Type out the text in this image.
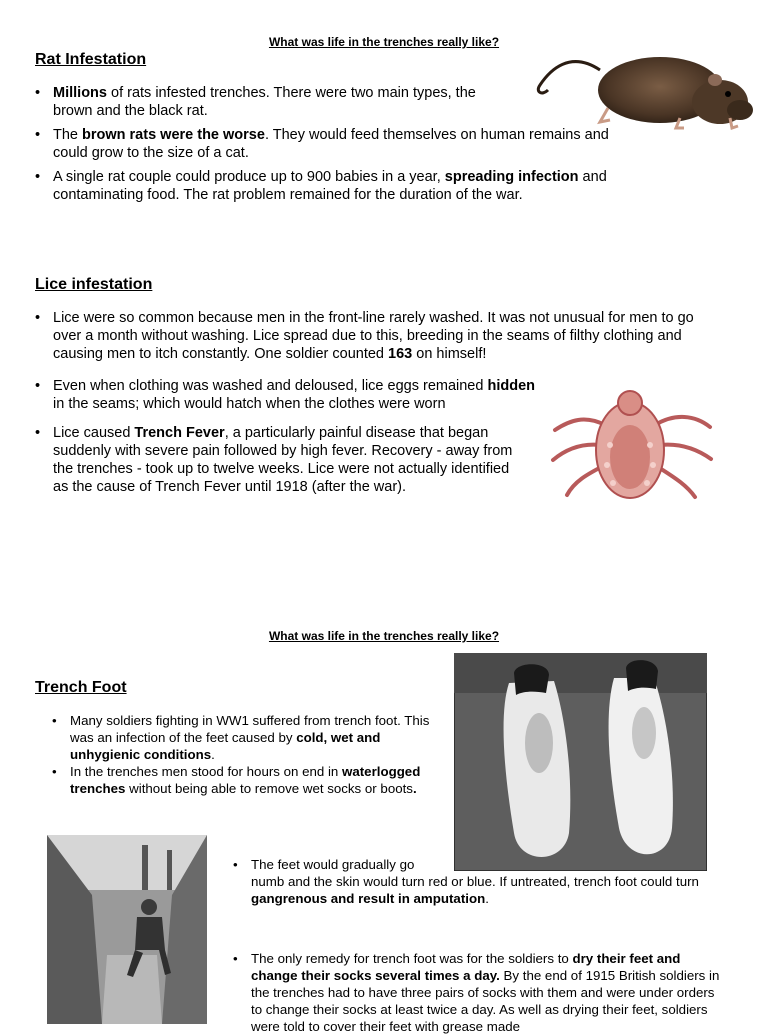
What was life in the trenches really like?
Rat Infestation
• Millions of rats infested trenches. There were two main types, the brown and the black rat.
• The brown rats were the worse. They would feed themselves on human remains and could grow to the size of a cat.
• A single rat couple could produce up to 900 babies in a year, spreading infection and contaminating food. The rat problem remained for the duration of the war.
Lice infestation
• Lice were so common because men in the front-line rarely washed. It was not unusual for men to go over a month without washing. Lice spread due to this, breeding in the seams of filthy clothing and causing men to itch constantly. One soldier counted 163 on himself!
• Even when clothing was washed and deloused, lice eggs remained hidden in the seams; which would hatch when the clothes were worn
• Lice caused Trench Fever, a particularly painful disease that began suddenly with severe pain followed by high fever. Recovery - away from the trenches - took up to twelve weeks. Lice were not actually identified as the cause of Trench Fever until 1918 (after the war).
What was life in the trenches really like?
Trench Foot
• Many soldiers fighting in WW1 suffered from trench foot. This was an infection of the feet caused by cold, wet and unhygienic conditions.
• In the trenches men stood for hours on end in waterlogged trenches without being able to remove wet socks or boots.
• The feet would gradually go
numb and the skin would turn red or blue. If untreated, trench foot could turn gangrenous and result in amputation.
• The only remedy for trench foot was for the soldiers to dry their feet and change their socks several times a day. By the end of 1915 British soldiers in the trenches had to have three pairs of socks with them and were under orders to change their socks at least twice a day. As well as drying their feet, soldiers were told to cover their feet with grease made
